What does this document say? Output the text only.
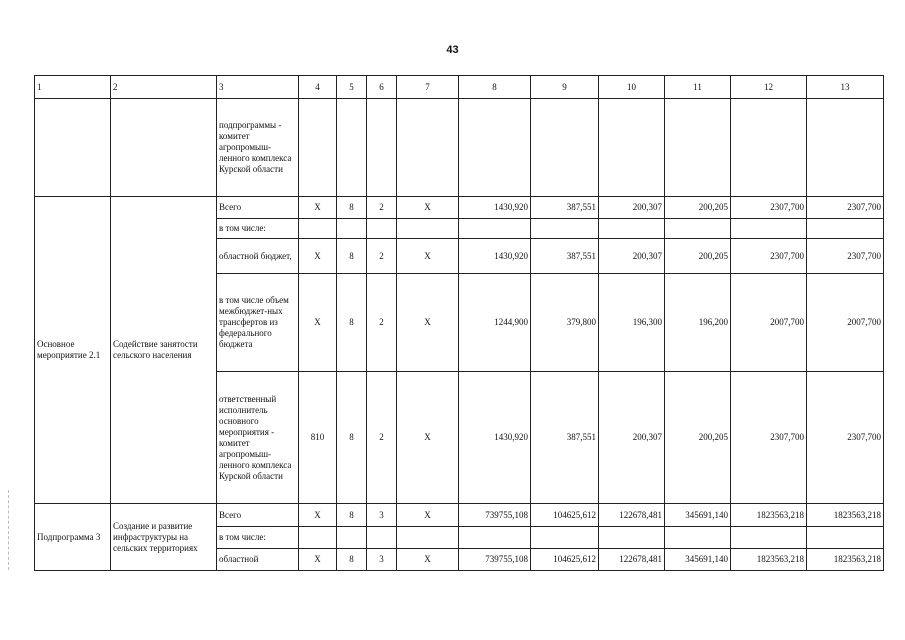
43
1	2	3	4	5	6	7	8	9	10	11	12	13
		подпрограммы - комитет агропромыш-ленного комплекса Курской области										
Основное мероприятие 2.1	Содействие занятости сельского населения	Всего	X	8	2	X	1430,920	387,551	200,307	200,205	2307,700	2307,700
		в том числе:										
		областной бюджет,	X	8	2	X	1430,920	387,551	200,307	200,205	2307,700	2307,700
		в том числе объем межбюджет-ных трансфертов из федерального бюджета	X	8	2	X	1244,900	379,800	196,300	196,200	2007,700	2007,700
		ответственный исполнитель основного мероприятия - комитет агропромыш-ленного комплекса Курской области	810	8	2	X	1430,920	387,551	200,307	200,205	2307,700	2307,700
Подпрограмма 3	Создание и развитие инфраструктуры на сельских территориях	Всего	X	8	3	X	739755,108	104625,612	122678,481	345691,140	1823563,218	1823563,218
		в том числе:										
		областной	X	8	3	X	739755,108	104625,612	122678,481	345691,140	1823563,218	1823563,218
